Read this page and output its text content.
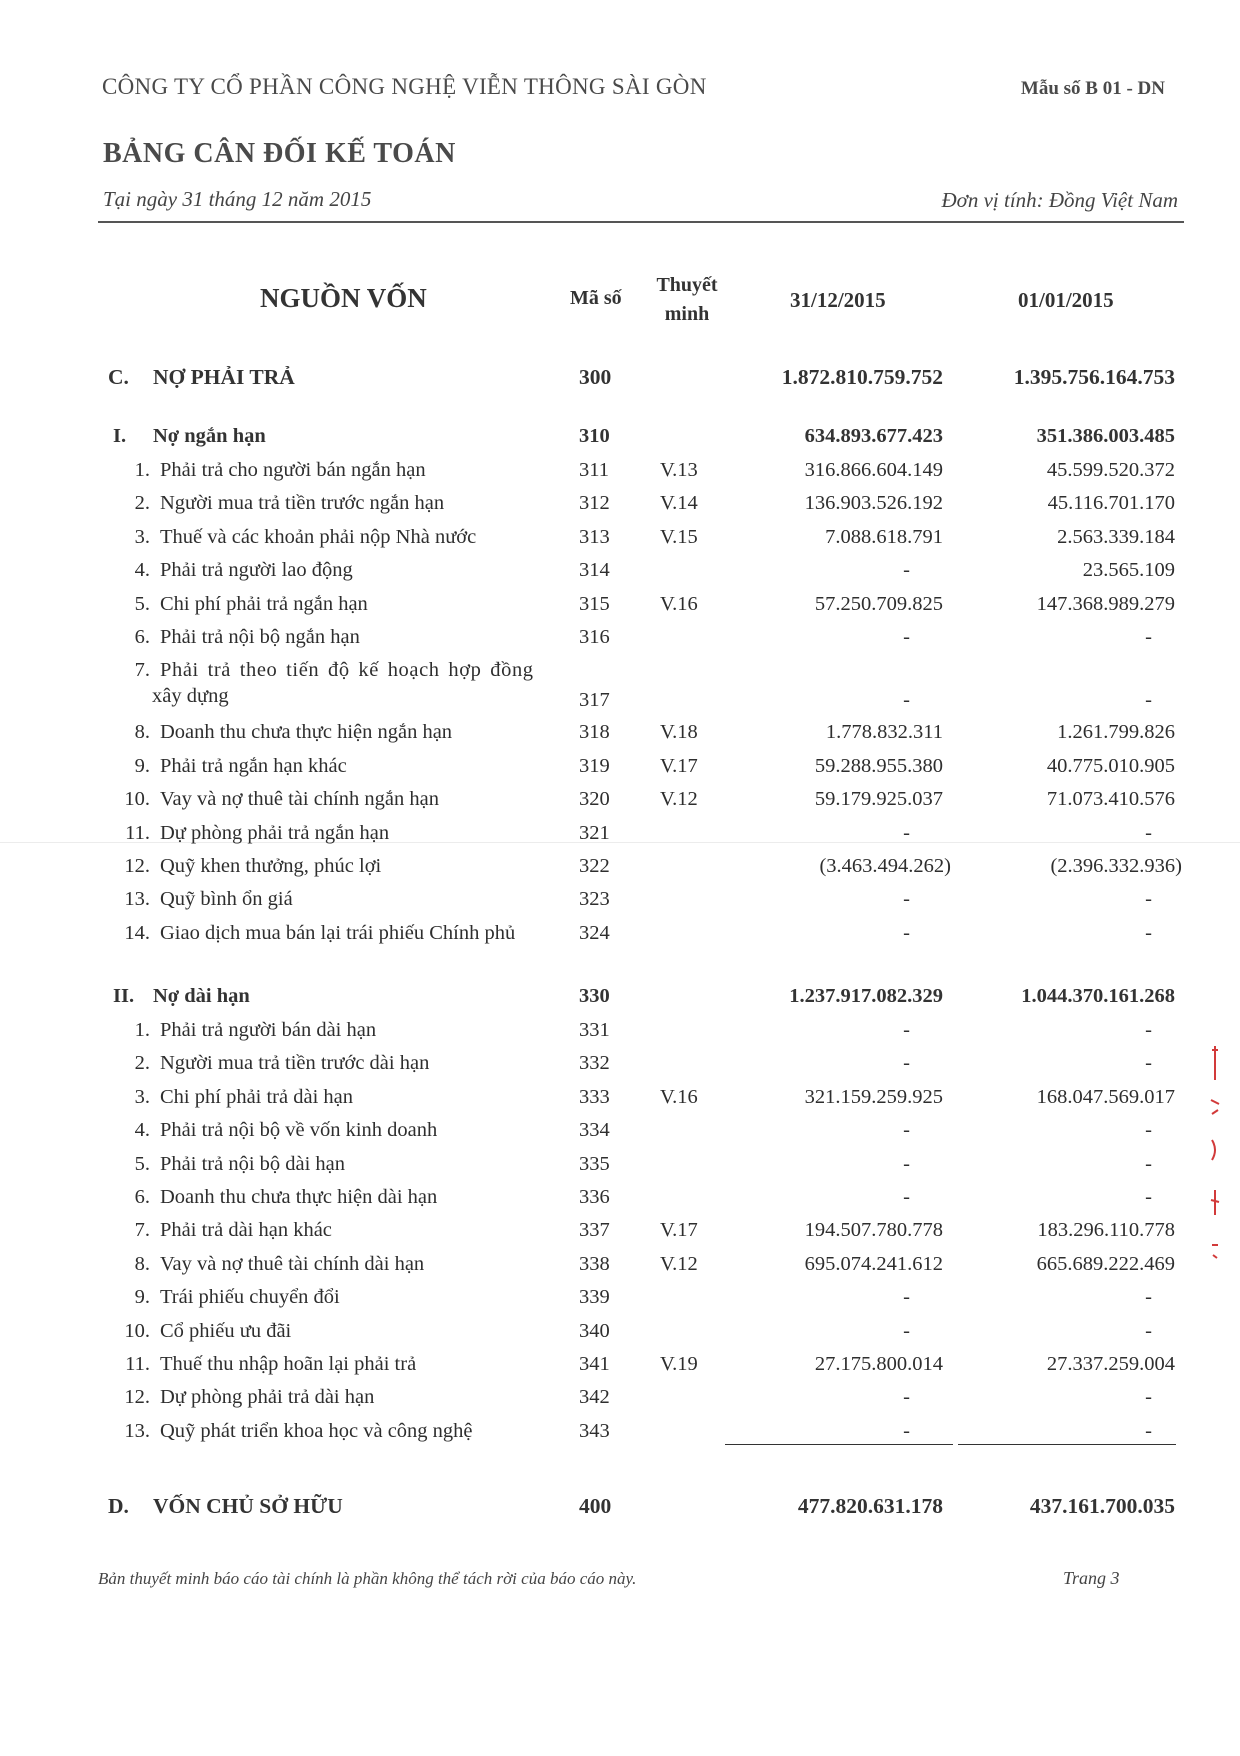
CÔNG TY CỔ PHẦN CÔNG NGHỆ VIỄN THÔNG SÀI GÒN	Mẫu số B 01 - DN
BẢNG CÂN ĐỐI KẾ TOÁN
Tại ngày 31 tháng 12 năm 2015	Đơn vị tính: Đồng Việt Nam
NGUỒN VỐN	Mã số
Thuyết
minh
31/12/2015	01/01/2015
C. NỢ PHẢI TRẢ	300	1.872.810.759.752	1.395.756.164.753
I. Nợ ngắn hạn	310	634.893.677.423	351.386.003.485
1. Phải trả cho người bán ngắn hạn	311 V.13	316.866.604.149	45.599.520.372
2. Người mua trả tiền trước ngắn hạn	312 V.14	136.903.526.192	45.116.701.170
3. Thuế và các khoản phải nộp Nhà nước	313 V.15	7.088.618.791	2.563.339.184
4. Phải trả người lao động	314	-	23.565.109
5. Chi phí phải trả ngắn hạn	315 V.16	57.250.709.825	147.368.989.279
6. Phải trả nội bộ ngắn hạn	316	-	-
7. Phải trả theo tiến độ kế hoạch hợp đồng
xây dựng	317	-	-
8. Doanh thu chưa thực hiện ngắn hạn	318 V.18	1.778.832.311	1.261.799.826
9. Phải trả ngắn hạn khác	319 V.17	59.288.955.380	40.775.010.905
10. Vay và nợ thuê tài chính ngắn hạn	320 V.12	59.179.925.037	71.073.410.576
11. Dự phòng phải trả ngắn hạn	321	-	-
12. Quỹ khen thưởng, phúc lợi	322	(3.463.494.262)	(2.396.332.936)
13. Quỹ bình ổn giá	323	-	-
14. Giao dịch mua bán lại trái phiếu Chính phủ	324	-	-
II. Nợ dài hạn	330	1.237.917.082.329	1.044.370.161.268
1. Phải trả người bán dài hạn	331	-	-
2. Người mua trả tiền trước dài hạn	332	-	-
3. Chi phí phải trả dài hạn	333 V.16	321.159.259.925	168.047.569.017
4. Phải trả nội bộ về vốn kinh doanh	334	-	-
5. Phải trả nội bộ dài hạn	335	-	-
6. Doanh thu chưa thực hiện dài hạn	336	-	-
7. Phải trả dài hạn khác	337 V.17	194.507.780.778	183.296.110.778
8. Vay và nợ thuê tài chính dài hạn	338 V.12	695.074.241.612	665.689.222.469
9. Trái phiếu chuyển đổi	339	-	-
10. Cổ phiếu ưu đãi	340	-	-
11. Thuế thu nhập hoãn lại phải trả	341 V.19	27.175.800.014	27.337.259.004
12. Dự phòng phải trả dài hạn	342	-	-
13. Quỹ phát triển khoa học và công nghệ	343	-	-
D. VỐN CHỦ SỞ HỮU	400	477.820.631.178	437.161.700.035
Bản thuyết minh báo cáo tài chính là phần không thể tách rời của báo cáo này.	Trang 3
